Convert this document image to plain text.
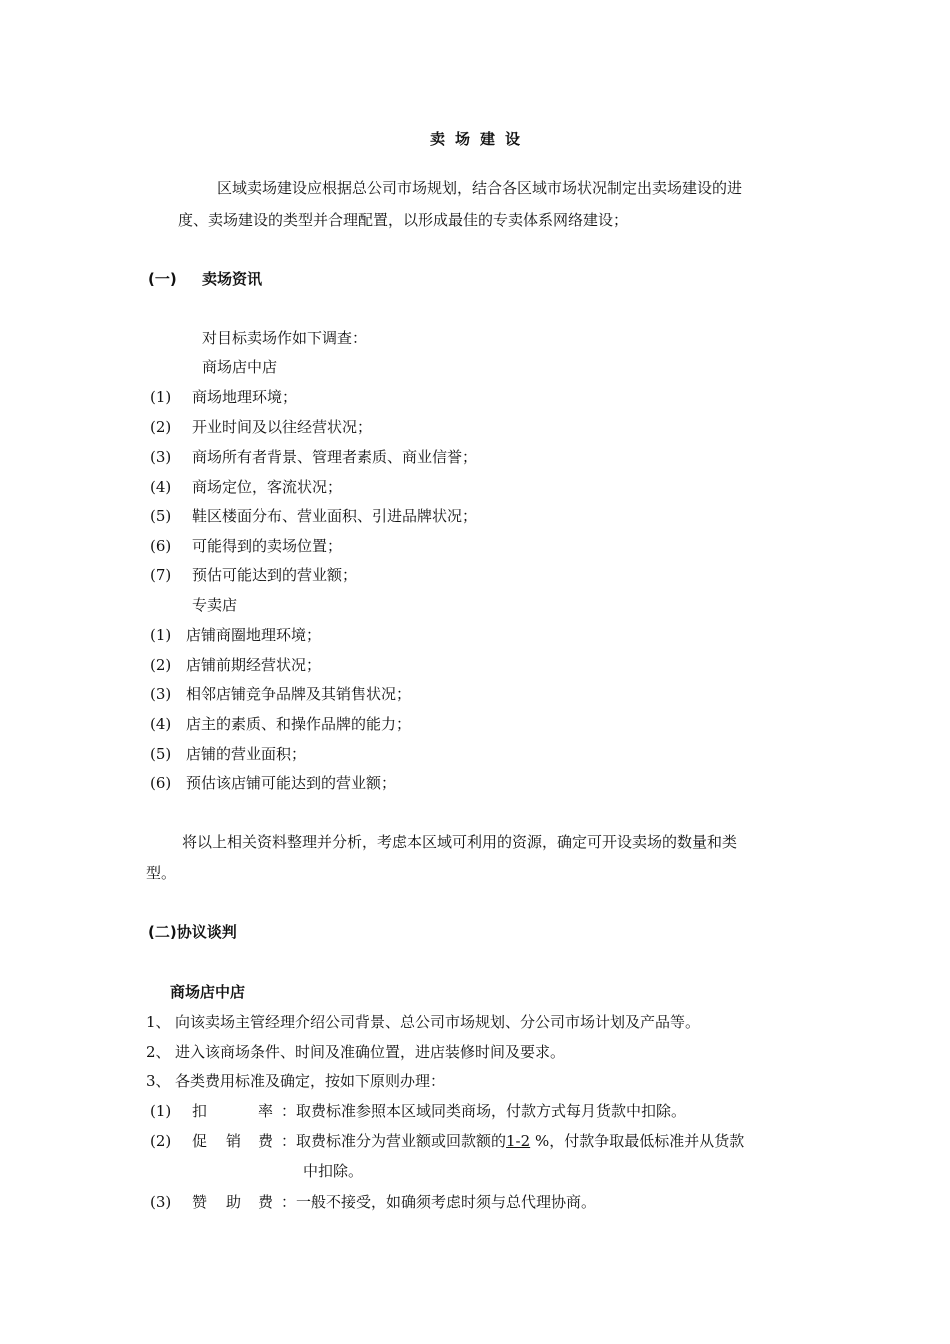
卖场建设
区域卖场建设应根据总公司市场规划，结合各区域市场状况制定出卖场建设的进
度、卖场建设的类型并合理配置，以形成最佳的专卖体系网络建设；
(一) 卖场资讯
对目标卖场作如下调查：
商场店中店
(1) 商场地理环境；
(2) 开业时间及以往经营状况；
(3) 商场所有者背景、管理者素质、商业信誉；
(4) 商场定位，客流状况；
(5) 鞋区楼面分布、营业面积、引进品牌状况；
(6) 可能得到的卖场位置；
(7) 预估可能达到的营业额；
专卖店
(1) 店铺商圈地理环境；
(2) 店铺前期经营状况；
(3) 相邻店铺竞争品牌及其销售状况；
(4) 店主的素质、和操作品牌的能力；
(5) 店铺的营业面积；
(6) 预估该店铺可能达到的营业额；
将以上相关资料整理并分析，考虑本区域可利用的资源，确定可开设卖场的数量和类
型。
(二)协议谈判
商场店中店
1、 向该卖场主管经理介绍公司背景、总公司市场规划、分公司市场计划及产品等。
2、 进入该商场条件、时间及准确位置，进店装修时间及要求。
3、 各类费用标准及确定，按如下原则办理：
(1) 扣	率 ：取费标准参照本区域同类商场，付款方式每月货款中扣除。
(2) 促 销 费 ：取费标准分为营业额或回款额的1-2 %，付款争取最低标准并从货款
中扣除。
(3) 赞 助 费 ：一般不接受，如确须考虑时须与总代理协商。
